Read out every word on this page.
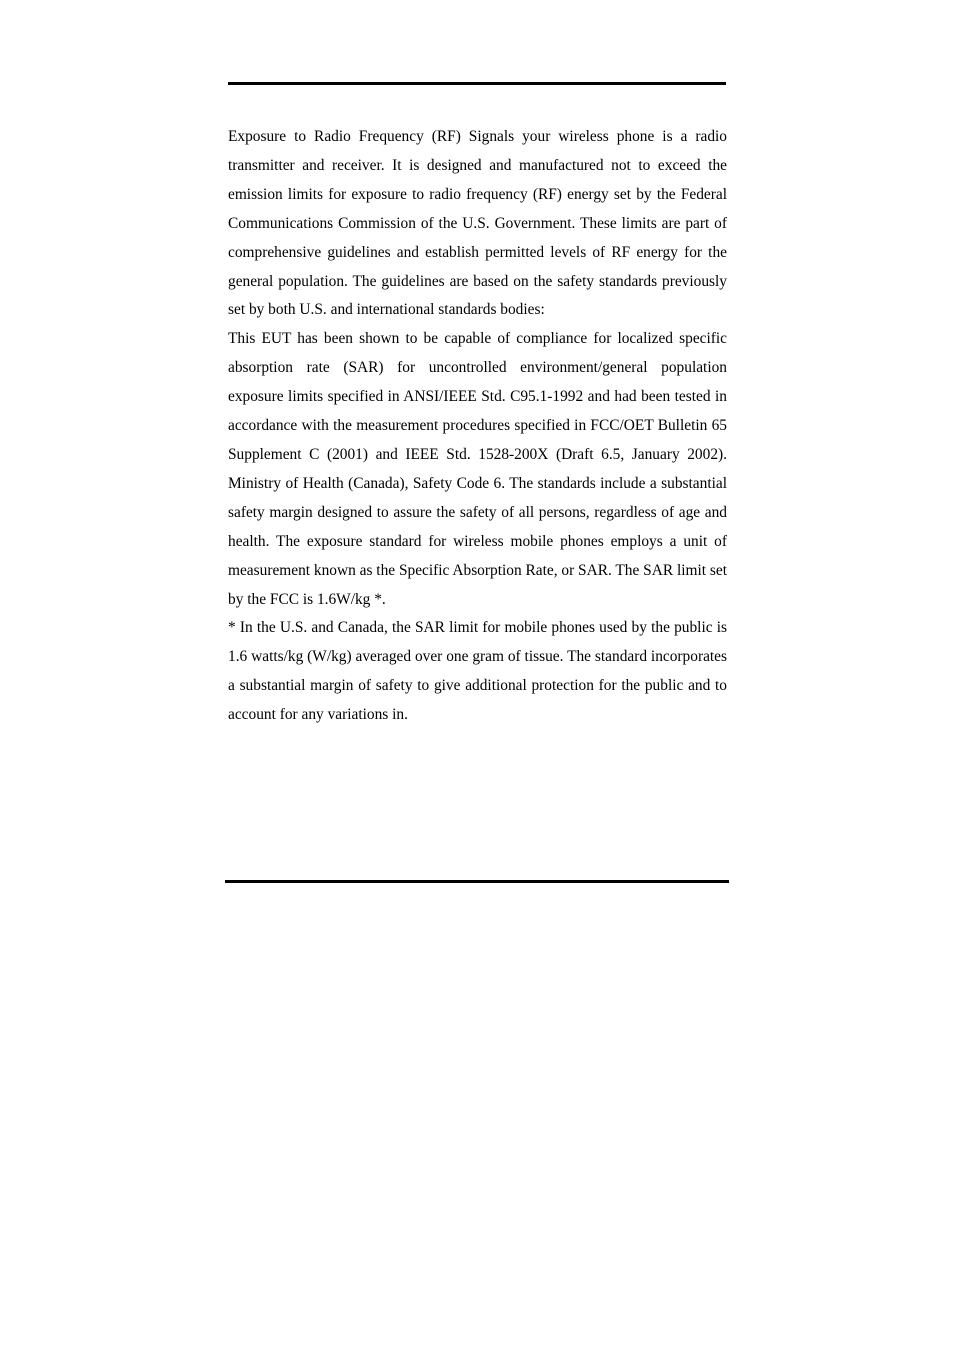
Exposure to Radio Frequency (RF) Signals your wireless phone is a radio transmitter and receiver. It is designed and manufactured not to exceed the emission limits for exposure to radio frequency (RF) energy set by the Federal Communications Commission of the U.S. Government. These limits are part of comprehensive guidelines and establish permitted levels of RF energy for the general population. The guidelines are based on the safety standards previously set by both U.S. and international standards bodies:

This EUT has been shown to be capable of compliance for localized specific absorption rate (SAR) for uncontrolled environment/general population exposure limits specified in ANSI/IEEE Std. C95.1-1992 and had been tested in accordance with the measurement procedures specified in FCC/OET Bulletin 65 Supplement C (2001) and IEEE Std. 1528-200X (Draft 6.5, January 2002). Ministry of Health (Canada), Safety Code 6. The standards include a substantial safety margin designed to assure the safety of all persons, regardless of age and health. The exposure standard for wireless mobile phones employs a unit of measurement known as the Specific Absorption Rate, or SAR. The SAR limit set by the FCC is 1.6W/kg *.

* In the U.S. and Canada, the SAR limit for mobile phones used by the public is 1.6 watts/kg (W/kg) averaged over one gram of tissue. The standard incorporates a substantial margin of safety to give additional protection for the public and to account for any variations in.
